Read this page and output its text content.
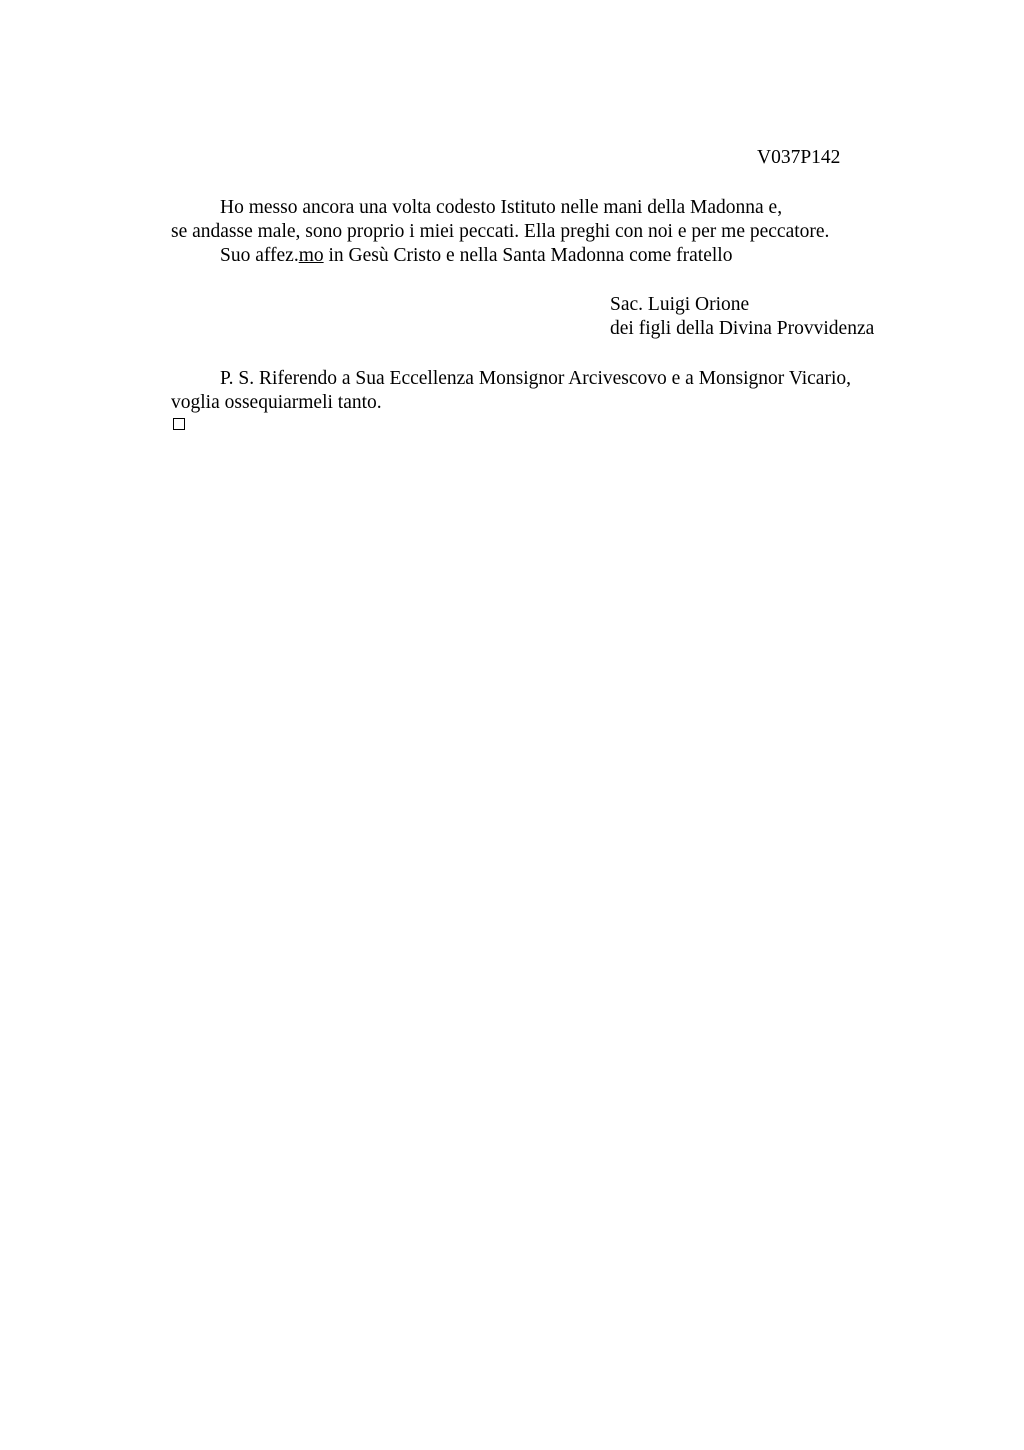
V037P142
Ho messo ancora una volta codesto Istituto nelle mani della Madonna e,
se andasse male, sono proprio i miei peccati. Ella preghi con noi e per me peccatore.
Suo affez.mo in Gesù Cristo e nella Santa Madonna come fratello
Sac. Luigi Orione
dei figli della Divina Provvidenza
P. S. Riferendo a Sua Eccellenza Monsignor Arcivescovo e a Monsignor Vicario,
voglia ossequiarmeli tanto.
